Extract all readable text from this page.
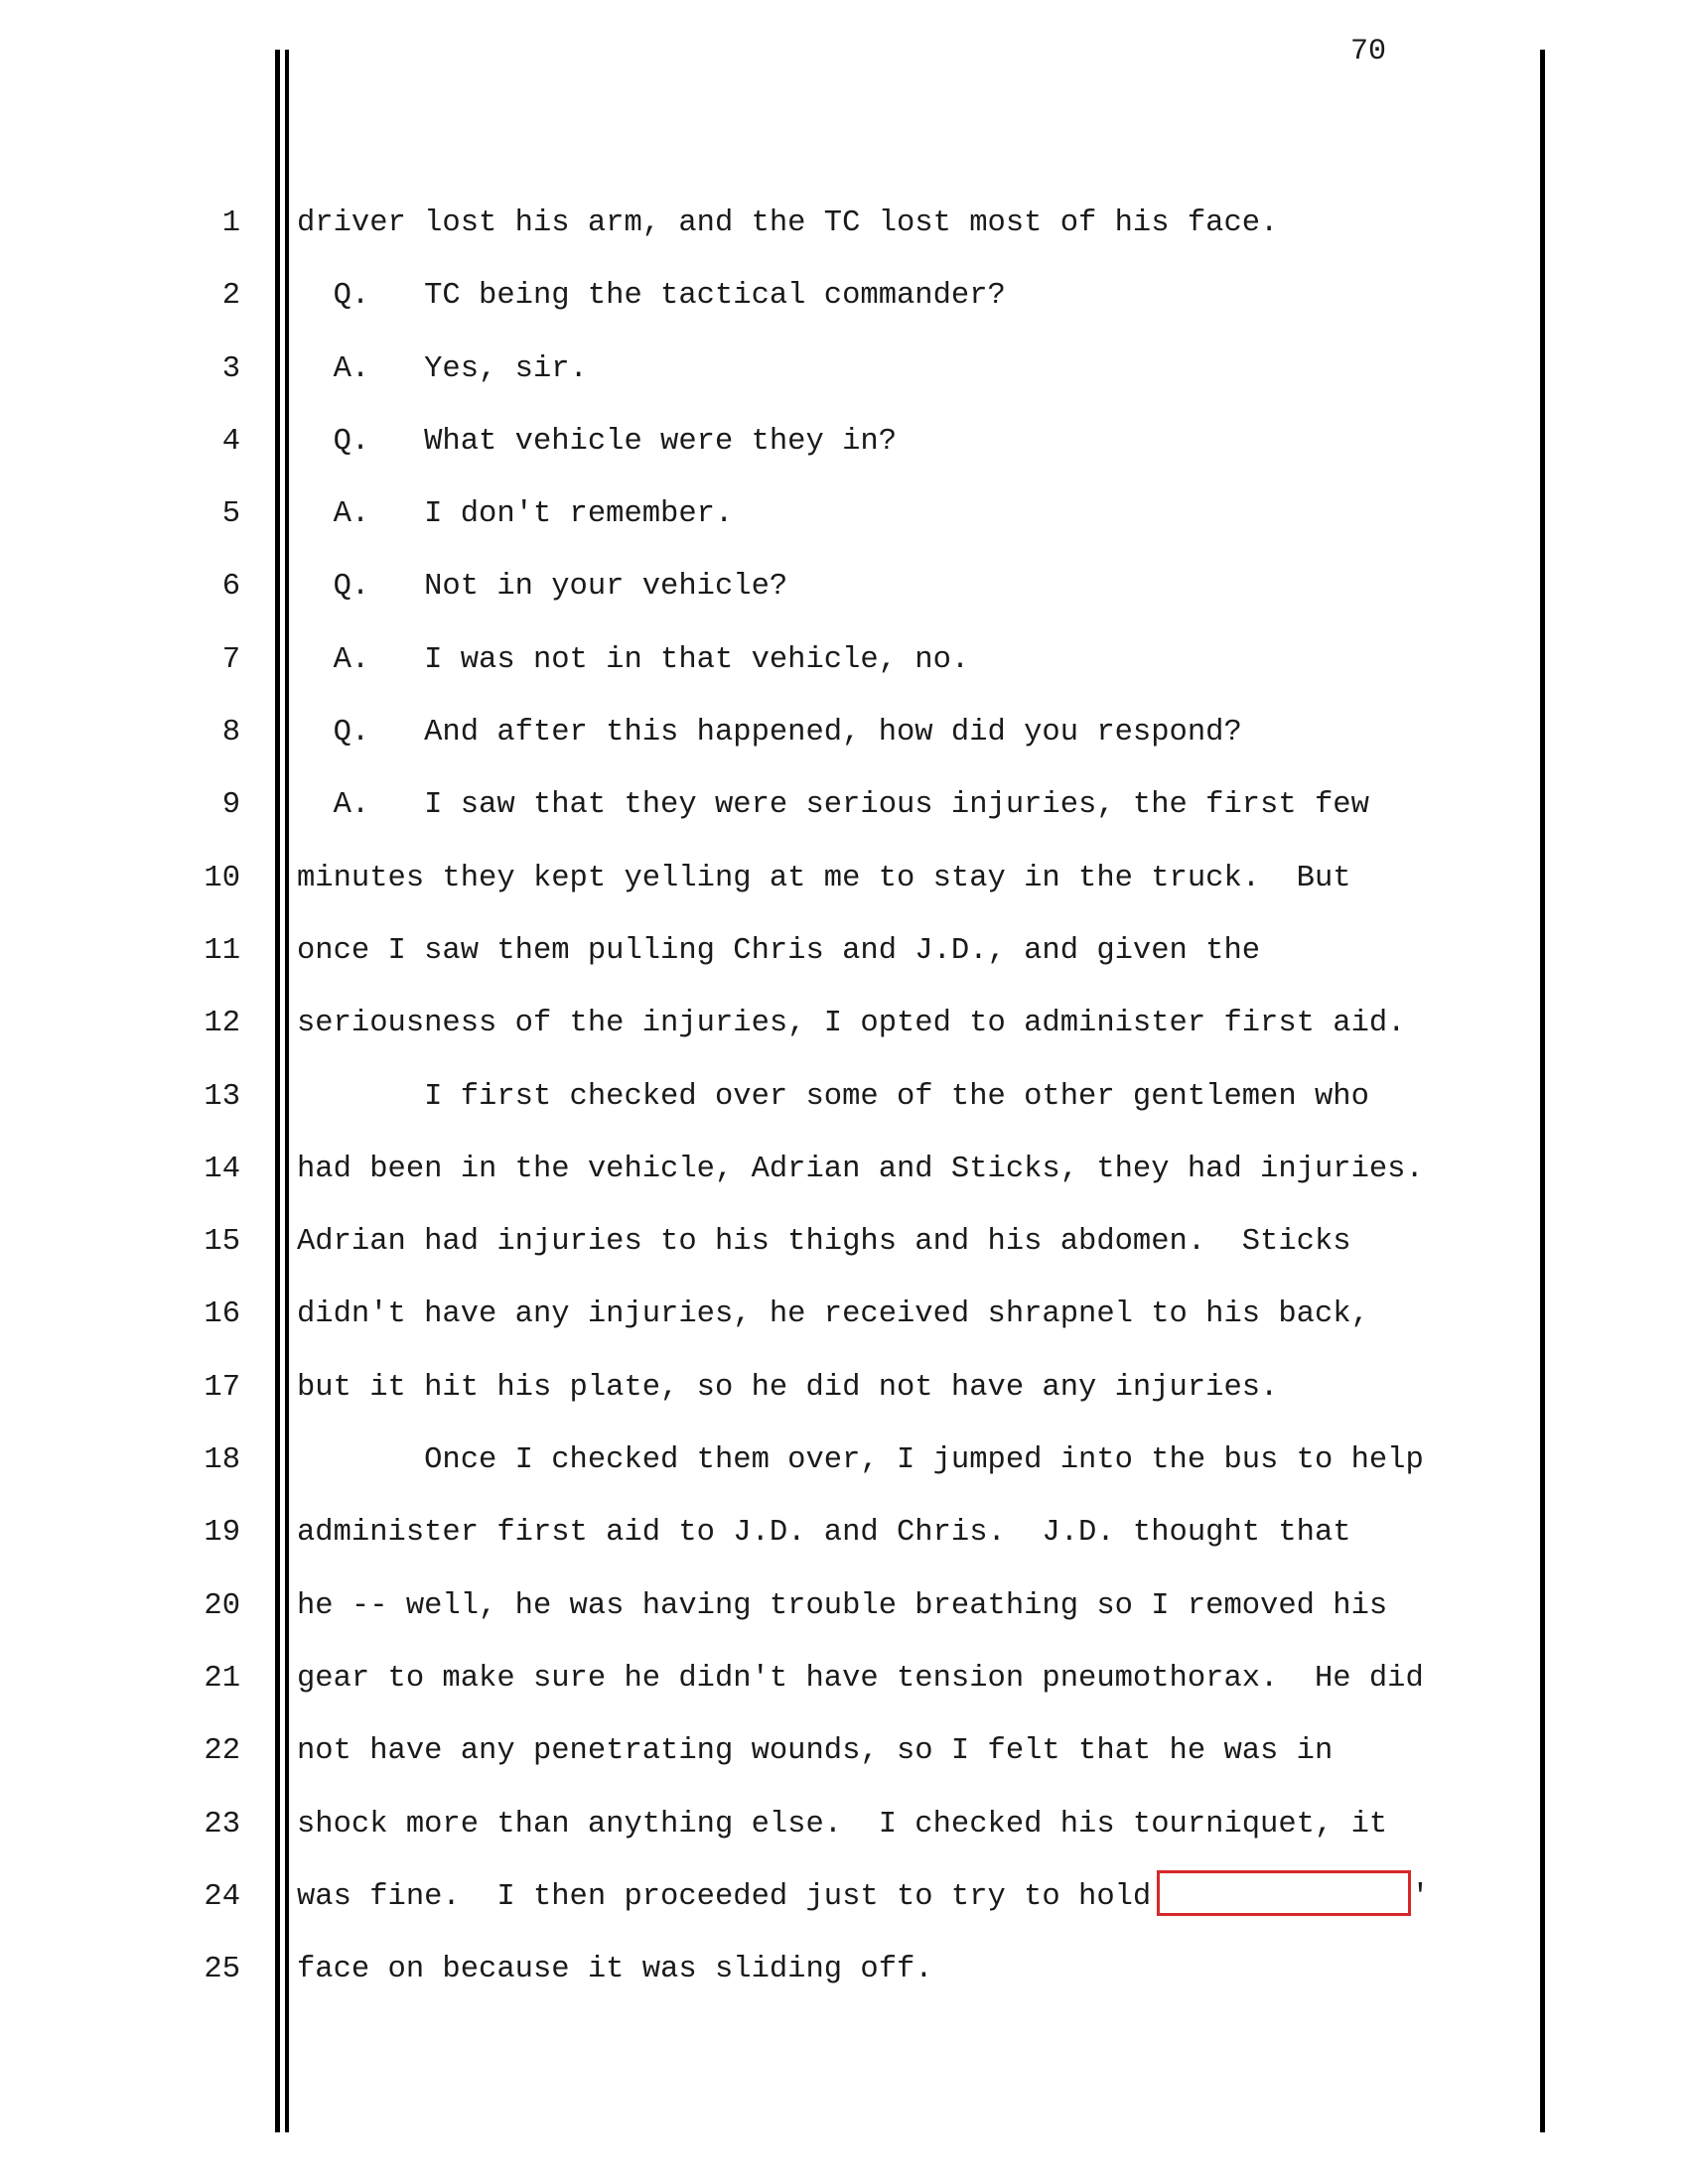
70
1
2
3
4
5
6
7
8
9
10
11
12
13
14
15
16
17
18
19
20
21
22
23
24
25
driver lost his arm, and the TC lost most of his face.
Q.   TC being the tactical commander?
A.   Yes, sir.
Q.   What vehicle were they in?
A.   I don't remember.
Q.   Not in your vehicle?
A.   I was not in that vehicle, no.
Q.   And after this happened, how did you respond?
A.   I saw that they were serious injuries, the first few
minutes they kept yelling at me to stay in the truck.  But
once I saw them pulling Chris and J.D., and given the
seriousness of the injuries, I opted to administer first aid.
I first checked over some of the other gentlemen who
had been in the vehicle, Adrian and Sticks, they had injuries.
Adrian had injuries to his thighs and his abdomen.  Sticks
didn't have any injuries, he received shrapnel to his back,
but it hit his plate, so he did not have any injuries.
Once I checked them over, I jumped into the bus to help
administer first aid to J.D. and Chris.  J.D. thought that
he -- well, he was having trouble breathing so I removed his
gear to make sure he didn't have tension pneumothorax.  He did
not have any penetrating wounds, so I felt that he was in
shock more than anything else.  I checked his tourniquet, it
was fine.  I then proceeded just to try to hold	'
face on because it was sliding off.
